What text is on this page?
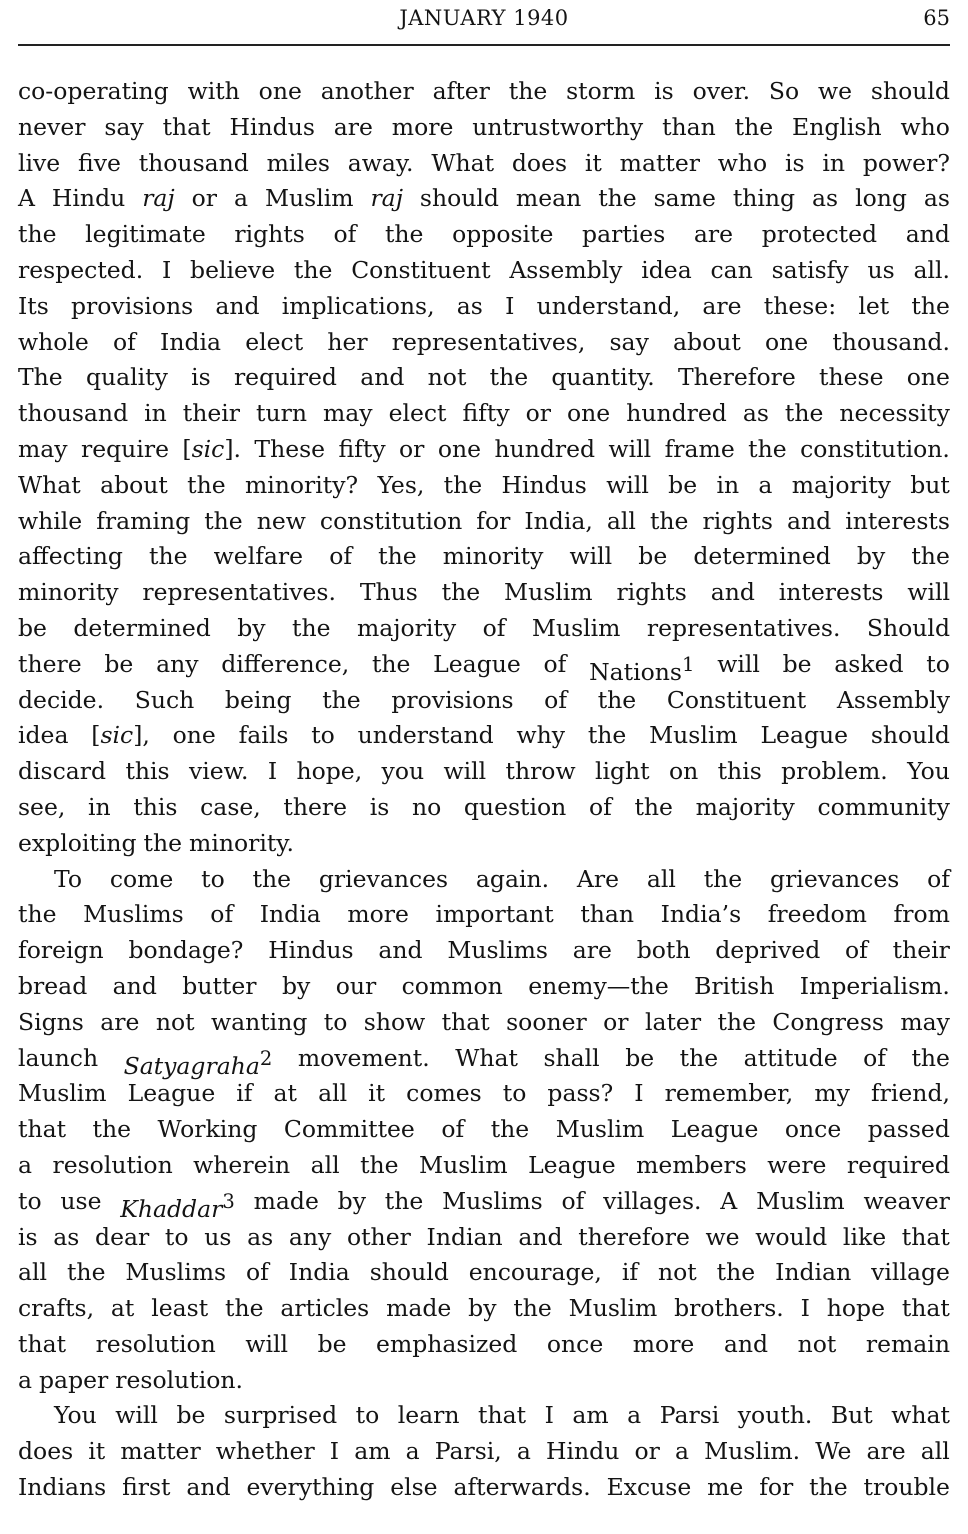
JANUARY 1940	65
co-operating with one another after the storm is over. So we should
never say that Hindus are more untrustworthy than the English who
live five thousand miles away. What does it matter who is in power?
A Hindu raj or a Muslim raj should mean the same thing as long as
the legitimate rights of the opposite parties are protected and
respected. I believe the Constituent Assembly idea can satisfy us all.
Its provisions and implications, as I understand, are these: let the
whole of India elect her representatives, say about one thousand.
The quality is required and not the quantity. Therefore these one
thousand in their turn may elect fifty or one hundred as the necessity
may require [sic]. These fifty or one hundred will frame the constitution.
What about the minority? Yes, the Hindus will be in a majority but
while framing the new constitution for India, all the rights and interests
affecting the welfare of the minority will be determined by the
minority representatives. Thus the Muslim rights and interests will
be determined by the majority of Muslim representatives. Should
there be any difference, the League of Nations$^1$ will be asked to
decide. Such being the provisions of the Constituent Assembly
idea [sic], one fails to understand why the Muslim League should
discard this view. I hope, you will throw light on this problem. You
see, in this case, there is no question of the majority community
exploiting the minority.
To come to the grievances again. Are all the grievances of
the Muslims of India more important than India’s freedom from
foreign bondage? Hindus and Muslims are both deprived of their
bread and butter by our common enemy—the British Imperialism.
Signs are not wanting to show that sooner or later the Congress may
launch Satyagraha$^2$ movement. What shall be the attitude of the
Muslim League if at all it comes to pass? I remember, my friend,
that the Working Committee of the Muslim League once passed
a resolution wherein all the Muslim League members were required
to use Khaddar$^3$ made by the Muslims of villages. A Muslim weaver
is as dear to us as any other Indian and therefore we would like that
all the Muslims of India should encourage, if not the Indian village
crafts, at least the articles made by the Muslim brothers. I hope that
that resolution will be emphasized once more and not remain
a paper resolution.
You will be surprised to learn that I am a Parsi youth. But what
does it matter whether I am a Parsi, a Hindu or a Muslim. We are all
Indians first and everything else afterwards. Excuse me for the trouble
